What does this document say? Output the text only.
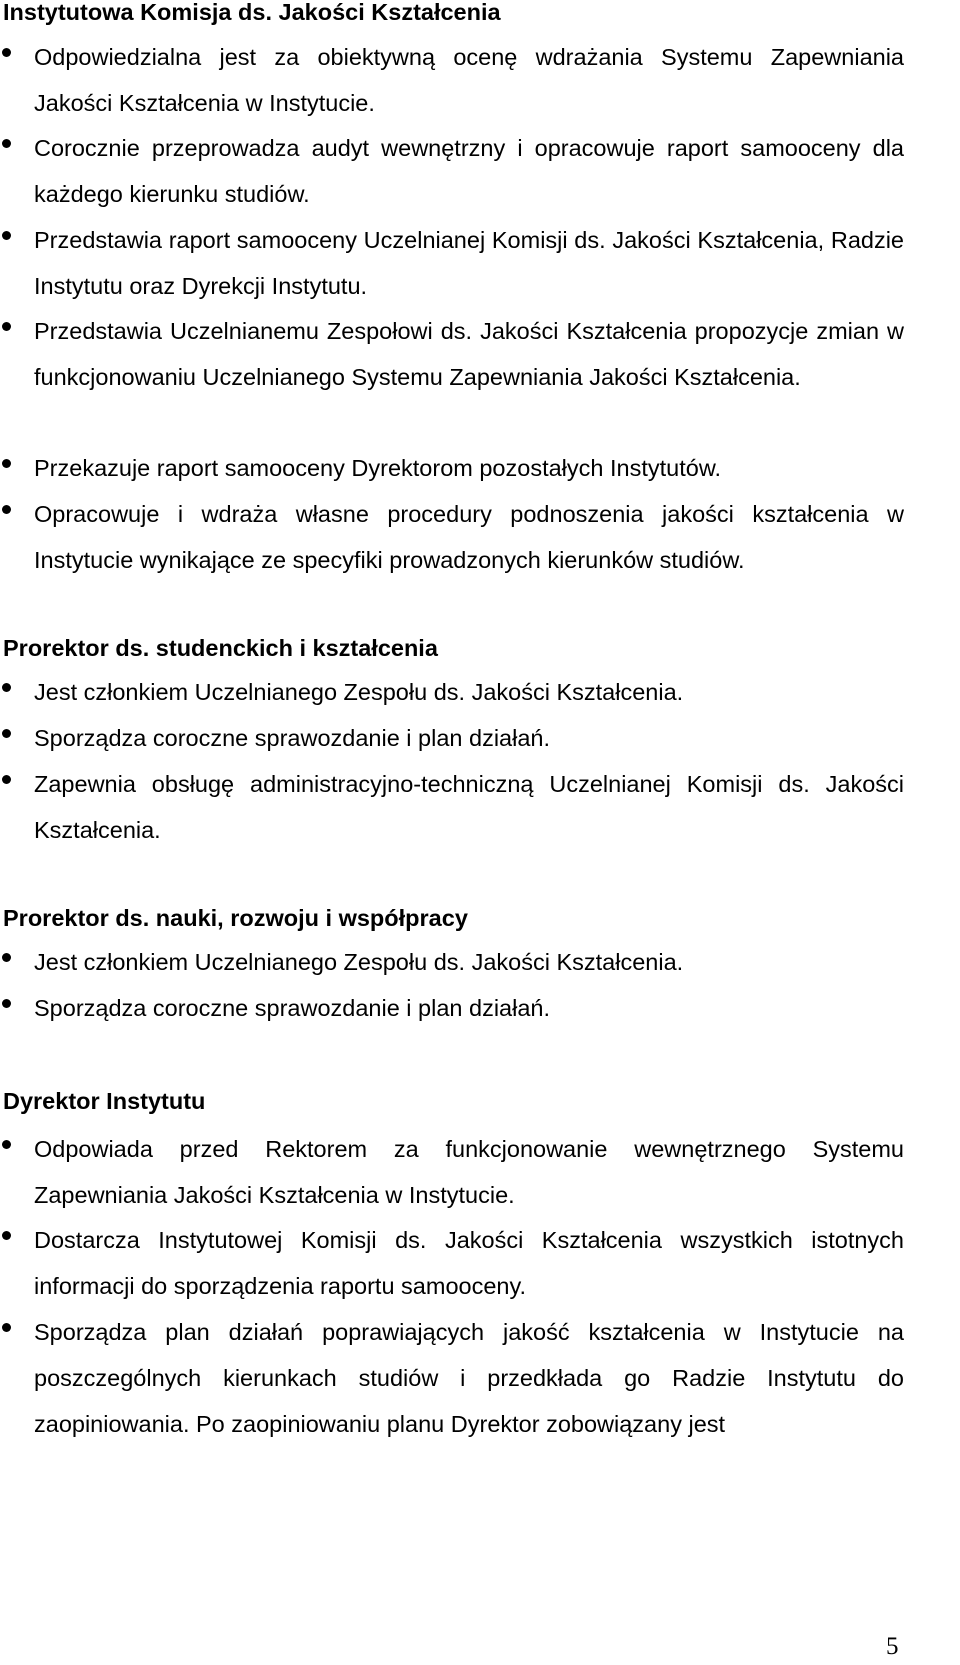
Instytutowa Komisja ds. Jakości Kształcenia
Odpowiedzialna jest za obiektywną ocenę wdrażania Systemu Zapewniania Jakości Kształcenia w Instytucie.
Corocznie przeprowadza audyt wewnętrzny i opracowuje raport samooceny dla każdego kierunku studiów.
Przedstawia raport samooceny Uczelnianej Komisji ds. Jakości Kształcenia, Radzie Instytutu oraz Dyrekcji Instytutu.
Przedstawia Uczelnianemu Zespołowi ds. Jakości Kształcenia propozycje zmian w funkcjonowaniu Uczelnianego Systemu Zapewniania Jakości Kształcenia.
Przekazuje raport samooceny Dyrektorom pozostałych Instytutów.
Opracowuje i wdraża własne procedury podnoszenia jakości kształcenia w Instytucie wynikające ze specyfiki prowadzonych kierunków studiów.
Prorektor ds. studenckich i kształcenia
Jest członkiem Uczelnianego Zespołu ds. Jakości Kształcenia.
Sporządza coroczne sprawozdanie i plan działań.
Zapewnia obsługę administracyjno-techniczną Uczelnianej Komisji ds. Jakości Kształcenia.
Prorektor ds. nauki, rozwoju i współpracy
Jest członkiem Uczelnianego Zespołu ds. Jakości Kształcenia.
Sporządza coroczne sprawozdanie i plan działań.
Dyrektor Instytutu
Odpowiada przed Rektorem za funkcjonowanie wewnętrznego Systemu Zapewniania Jakości Kształcenia w Instytucie.
Dostarcza Instytutowej Komisji ds. Jakości Kształcenia wszystkich istotnych informacji do sporządzenia raportu samooceny.
Sporządza plan działań poprawiających jakość kształcenia w Instytucie na poszczególnych kierunkach studiów i przedkłada go Radzie Instytutu do zaopiniowania. Po zaopiniowaniu planu Dyrektor zobowiązany jest
5
